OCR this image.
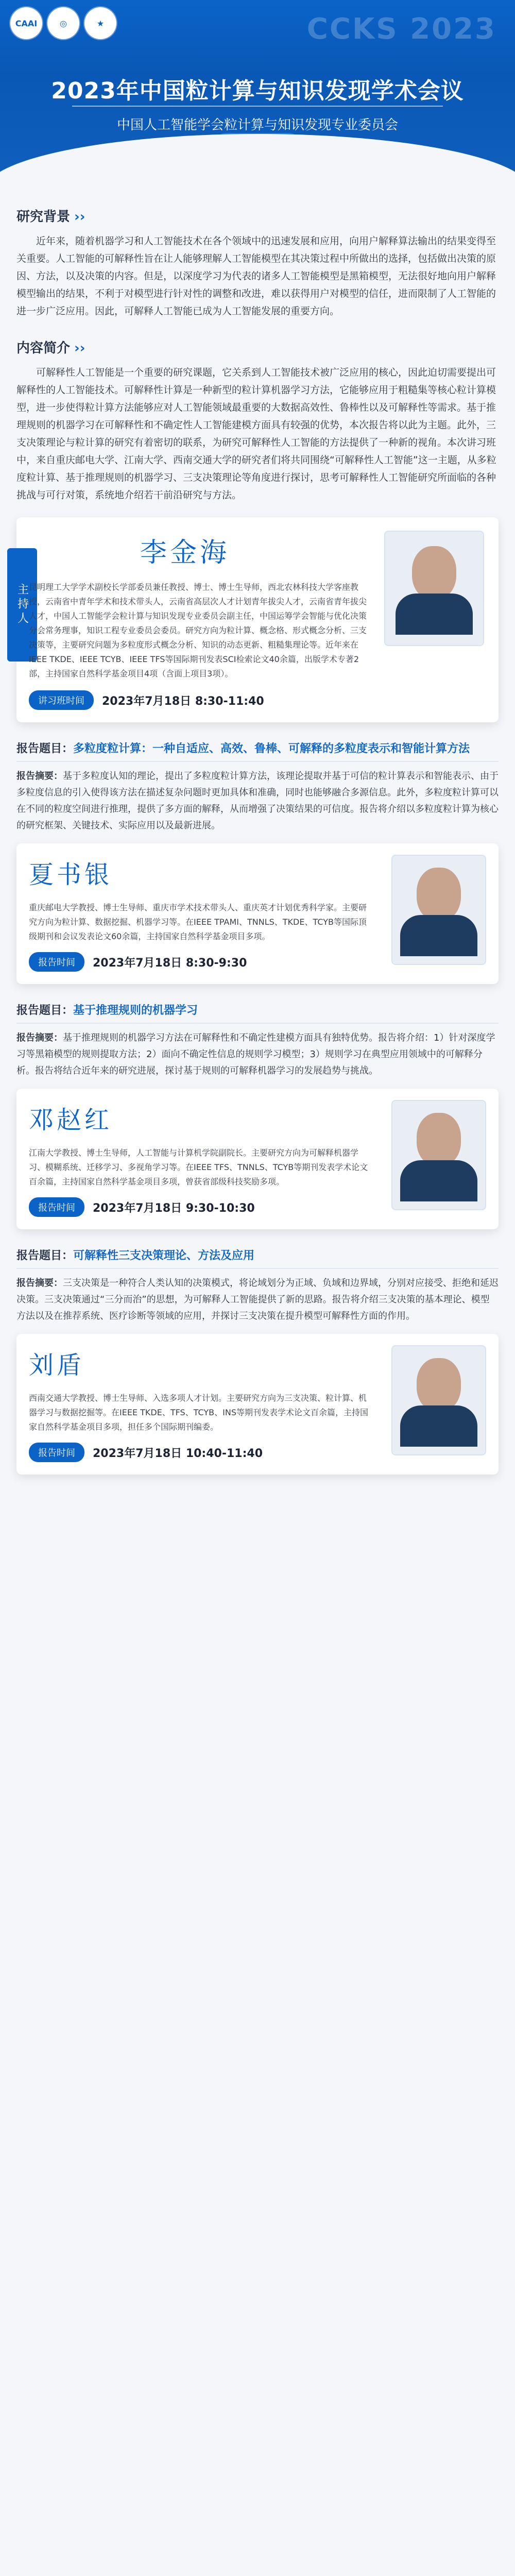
CAAI	◎	★	CCKS 2023
2023年中国粒计算与知识发现学术会议
中国人工智能学会粒计算与知识发现专业委员会
研究背景 ››

近年来，随着机器学习和人工智能技术在各个领域中的迅速发展和应用，向用户解释算法输出的结果变得至关重要。人工智能的可解释性旨在让人能够理解人工智能模型在其决策过程中所做出的选择，包括做出决策的原因、方法，以及决策的内容。但是，以深度学习为代表的诸多人工智能模型是黑箱模型，无法很好地向用户解释模型输出的结果，不利于对模型进行针对性的调整和改进，难以获得用户对模型的信任，进而限制了人工智能的进一步广泛应用。因此，可解释人工智能已成为人工智能发展的重要方向。

内容简介 ››

可解释性人工智能是一个重要的研究课题，它关系到人工智能技术被广泛应用的核心，因此迫切需要提出可解释性的人工智能技术。可解释性计算是一种新型的粒计算机器学习方法，它能够应用于粗糙集等核心粒计算模型，进一步使得粒计算方法能够应对人工智能领域最重要的大数据高效性、鲁棒性以及可解释性等需求。基于推理规则的机器学习在可解释性和不确定性人工智能建模方面具有较强的优势，本次报告将以此为主题。此外，三支决策理论与粒计算的研究有着密切的联系，为研究可解释性人工智能的方法提供了一种新的视角。本次讲习班中，来自重庆邮电大学、江南大学、西南交通大学的研究者们将共同围绕“可解释性人工智能”这一主题，从多粒度粒计算、基于推理规则的机器学习、三支决策理论等角度进行探讨，思考可解释性人工智能研究所面临的各种挑战与可行对策，系统地介绍若干前沿研究与方法。

主持人
李金海
昆明理工大学学术副校长学部委员兼任教授、博士、博士生导师，西北农林科技大学客座教授，云南省中青年学术和技术带头人，云南省高层次人才计划青年拔尖人才，云南省青年拔尖人才，中国人工智能学会粒计算与知识发现专业委员会副主任，中国运筹学会智能与优化决策分会常务理事，知识工程专业委员会委员。研究方向为粒计算、概念格、形式概念分析、三支决策等，主要研究问题为多粒度形式概念分析、知识的动态更新、粗糙集理论等。近年来在IEEE TKDE、IEEE TCYB、IEEE TFS等国际期刊发表SCI检索论文40余篇，出版学术专著2部，主持国家自然科学基金项目4项（含面上项目3项）。
讲习班时间	2023年7月18日 8:30-11:40
报告题目：多粒度粒计算：一种自适应、高效、鲁棒、可解释的多粒度表示和智能计算方法
报告摘要：基于多粒度认知的理论，提出了多粒度粒计算方法，该理论提取并基于可信的粒计算表示和智能表示、由于多粒度信息的引入使得该方法在描述复杂问题时更加具体和准确，同时也能够融合多源信息。此外，多粒度粒计算可以在不同的粒度空间进行推理，提供了多方面的解释，从而增强了决策结果的可信度。报告将介绍以多粒度粒计算为核心的研究框架、关键技术、实际应用以及最新进展。
夏书银
重庆邮电大学教授、博士生导师、重庆市学术技术带头人、重庆英才计划优秀科学家。主要研究方向为粒计算、数据挖掘、机器学习等。在IEEE TPAMI、TNNLS、TKDE、TCYB等国际顶级期刊和会议发表论文60余篇，主持国家自然科学基金项目多项。
报告时间	2023年7月18日 8:30-9:30
报告题目：基于推理规则的机器学习
报告摘要：基于推理规则的机器学习方法在可解释性和不确定性建模方面具有独特优势。报告将介绍：1）针对深度学习等黑箱模型的规则提取方法；2）面向不确定性信息的规则学习模型；3）规则学习在典型应用领域中的可解释分析。报告将结合近年来的研究进展，探讨基于规则的可解释机器学习的发展趋势与挑战。
邓赵红
江南大学教授、博士生导师，人工智能与计算机学院副院长。主要研究方向为可解释机器学习、模糊系统、迁移学习、多视角学习等。在IEEE TFS、TNNLS、TCYB等期刊发表学术论文百余篇，主持国家自然科学基金项目多项，曾获省部级科技奖励多项。
报告时间	2023年7月18日 9:30-10:30
报告题目：可解释性三支决策理论、方法及应用
报告摘要：三支决策是一种符合人类认知的决策模式，将论域划分为正域、负域和边界域，分别对应接受、拒绝和延迟决策。三支决策通过“三分而治”的思想，为可解释人工智能提供了新的思路。报告将介绍三支决策的基本理论、模型方法以及在推荐系统、医疗诊断等领域的应用，并探讨三支决策在提升模型可解释性方面的作用。
刘盾
西南交通大学教授、博士生导师、入选多项人才计划。主要研究方向为三支决策、粒计算、机器学习与数据挖掘等。在IEEE TKDE、TFS、TCYB、INS等期刊发表学术论文百余篇，主持国家自然科学基金项目多项，担任多个国际期刊编委。
报告时间	2023年7月18日 10:40-11:40
